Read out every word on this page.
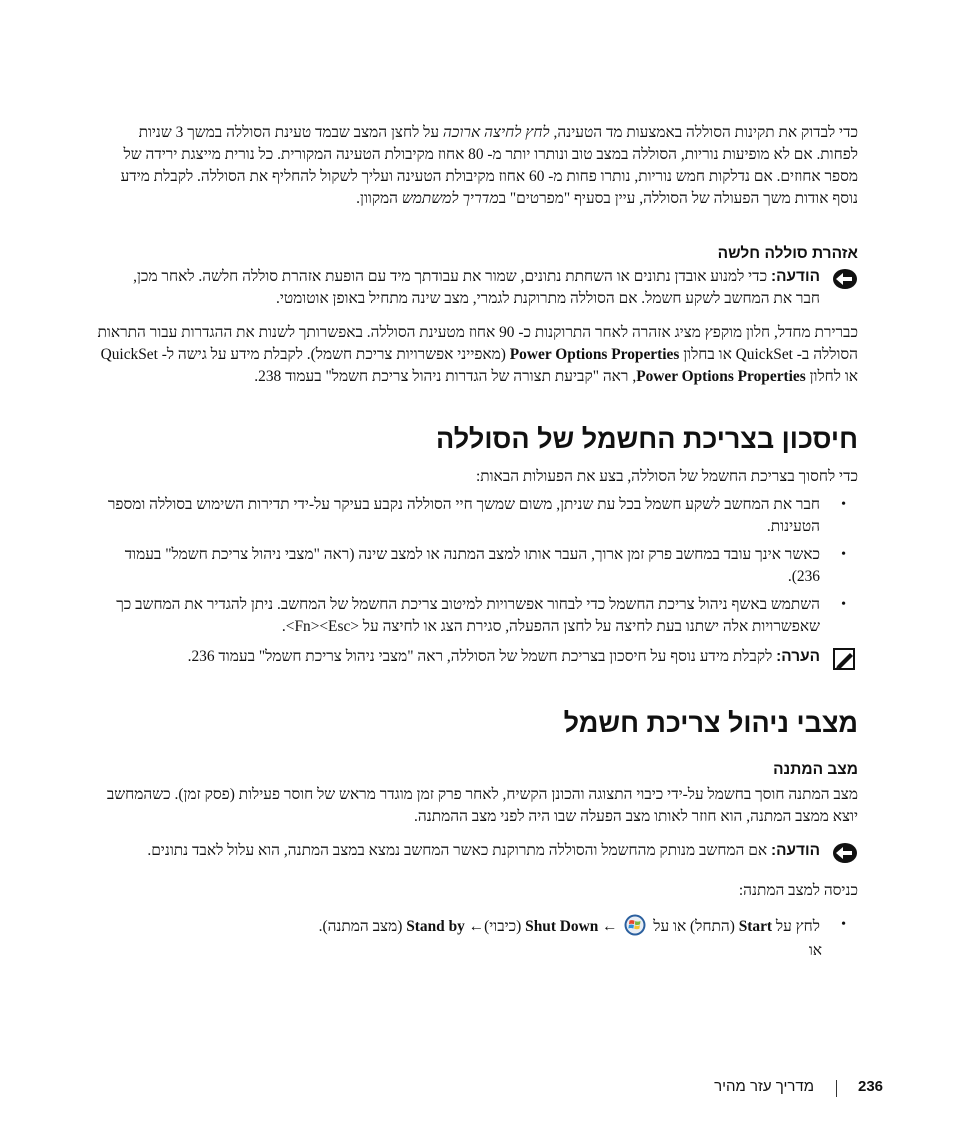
כדי לבדוק את תקינות הסוללה באמצעות מד הטעינה, לחץ לחיצה ארוכה על לחצן המצב שבמד טעינת הסוללה במשך 3 שניות לפחות. אם לא מופיעות נוריות, הסוללה במצב טוב ונותרו יותר מ- 80 אחוז מקיבולת הטעינה המקורית. כל נורית מייצגת ירידה של מספר אחוזים. אם נדלקות חמש נוריות, נותרו פחות מ- 60 אחוז מקיבולת הטעינה ועליך לשקול להחליף את הסוללה. לקבלת מידע נוסף אודות משך הפעולה של הסוללה, עיין בסעיף "מפרטים" במדריך למשתמש המקוון.

אזהרת סוללה חלשה
הודעה: כדי למנוע אובדן נתונים או השחתת נתונים, שמור את עבודתך מיד עם הופעת אזהרת סוללה חלשה. לאחר מכן, חבר את המחשב לשקע חשמל. אם הסוללה מתרוקנת לגמרי, מצב שינה מתחיל באופן אוטומטי.

כברירת מחדל, חלון מוקפץ מציג אזהרה לאחר התרוקנות כ- 90 אחוז מטעינת הסוללה. באפשרותך לשנות את ההגדרות עבור התראות הסוללה ב- QuickSet או בחלון Power Options Properties (מאפייני אפשרויות צריכת חשמל). לקבלת מידע על גישה ל- QuickSet או לחלון Power Options Properties, ראה "קביעת תצורה של הגדרות ניהול צריכת חשמל" בעמוד 238.

חיסכון בצריכת החשמל של הסוללה

כדי לחסוך בצריכת החשמל של הסוללה, בצע את הפעולות הבאות:

•
חבר את המחשב לשקע חשמל בכל עת שניתן, משום שמשך חיי הסוללה נקבע בעיקר על-ידי תדירות השימוש בסוללה ומספר הטעינות.
•
כאשר אינך עובד במחשב פרק זמן ארוך, העבר אותו למצב המתנה או למצב שינה (ראה "מצבי ניהול צריכת חשמל" בעמוד 236).
•
השתמש באשף ניהול צריכת החשמל כדי לבחור אפשרויות למיטוב צריכת החשמל של המחשב. ניתן להגדיר את המחשב כך שאפשרויות אלה ישתנו בעת לחיצה על לחצן ההפעלה, סגירת הצג או לחיצה על <Fn><Esc>.
הערה: לקבלת מידע נוסף על חיסכון בצריכת חשמל של הסוללה, ראה "מצבי ניהול צריכת חשמל" בעמוד 236.
מצבי ניהול צריכת חשמל
מצב המתנה

מצב המתנה חוסך בחשמל על-ידי כיבוי התצוגה והכונן הקשיח, לאחר פרק זמן מוגדר מראש של חוסר פעילות (פסק זמן). כשהמחשב יוצא ממצב המתנה, הוא חוזר לאותו מצב הפעלה שבו היה לפני מצב ההמתנה.

הודעה: אם המחשב מנותק מהחשמל והסוללה מתרוקנת כאשר המחשב נמצא במצב המתנה, הוא עלול לאבד נתונים.

כניסה למצב המתנה:

•
לחץ על Start (התחל) או על  ← Shut Down (כיבוי)← Stand by (מצב המתנה).

או

236
מדריך עזר מהיר
